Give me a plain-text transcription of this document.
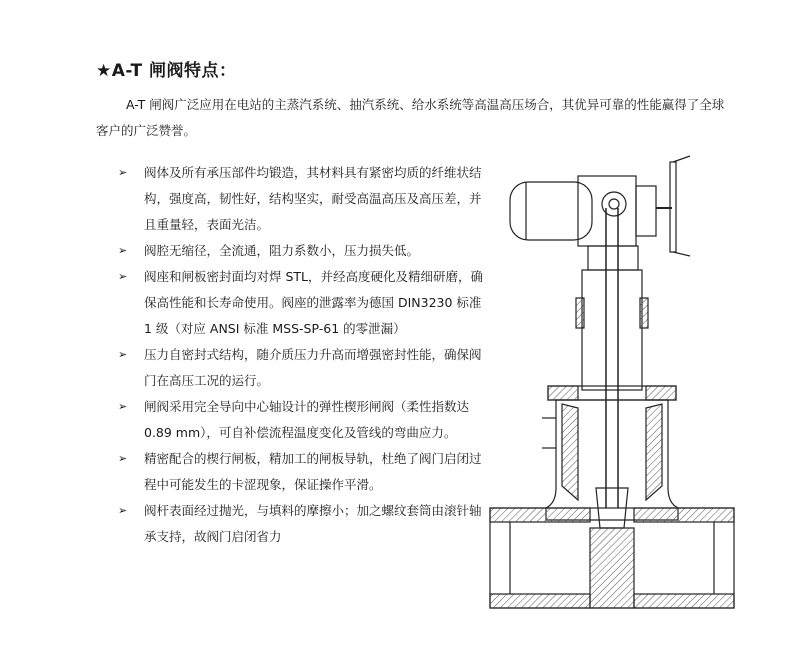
★A-T 闸阀特点：
A-T 闸阀广泛应用在电站的主蒸汽系统、抽汽系统、给水系统等高温高压场合，其优异可靠的性能赢得了全球客户的广泛赞誉。
➢ 阀体及所有承压部件均锻造，其材料具有紧密均质的纤维状结构，强度高，韧性好，结构坚实，耐受高温高压及高压差，并且重量轻，表面光洁。
➢ 阀腔无缩径，全流通，阻力系数小，压力损失低。
➢ 阀座和闸板密封面均对焊 STL，并经高度硬化及精细研磨，确保高性能和长寿命使用。阀座的泄露率为德国 DIN3230 标准 1 级（对应 ANSI 标准 MSS-SP-61 的零泄漏）
➢ 压力自密封式结构，随介质压力升高而增强密封性能，确保阀门在高压工况的运行。
➢ 闸阀采用完全导向中心轴设计的弹性楔形闸阀（柔性指数达 0.89 mm），可自补偿流程温度变化及管线的弯曲应力。
➢ 精密配合的楔行闸板，精加工的闸板导轨，杜绝了阀门启闭过程中可能发生的卡涩现象，保证操作平滑。
➢ 阀杆表面经过抛光，与填料的摩擦小；加之螺纹套筒由滚针轴承支持，故阀门启闭省力
